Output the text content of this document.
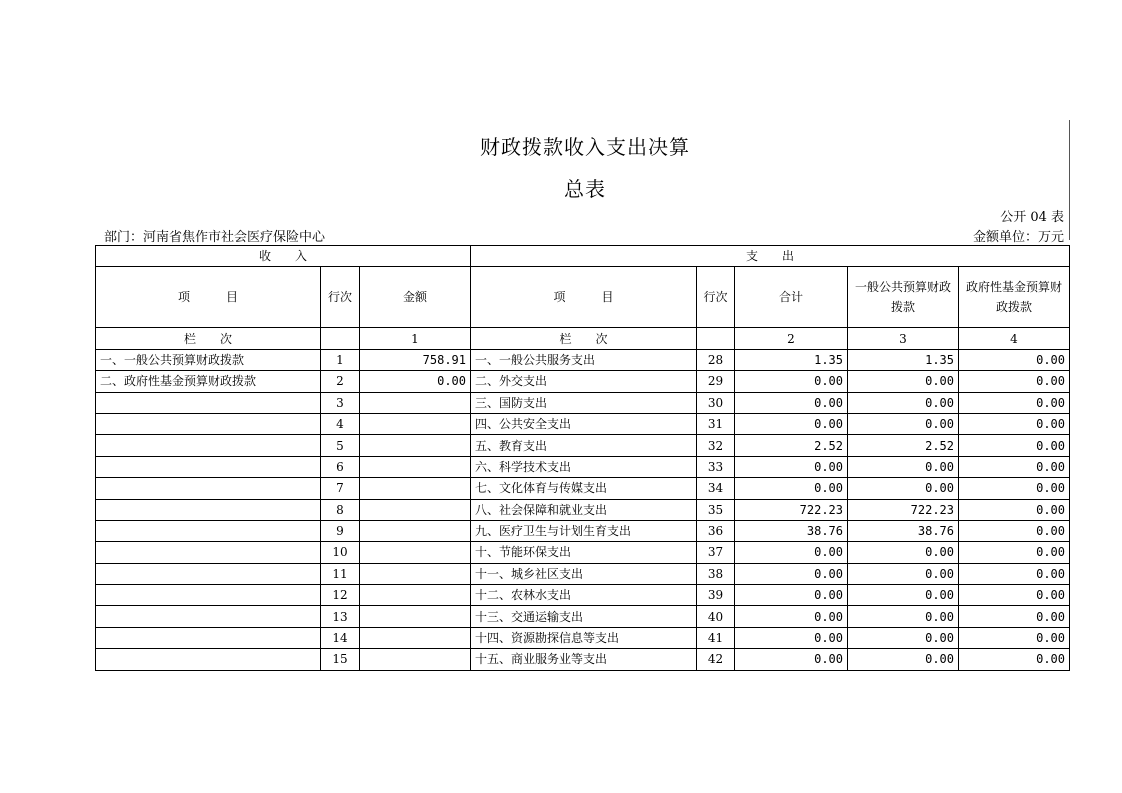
财政拨款收入支出决算
总表
公开 04 表
部门：河南省焦作市社会医疗保险中心	金额单位：万元
收　　入			支　　出				
项　　　目	行次	金额	项　　　目	行次	合计	一般公共预算财政拨款	政府性基金预算财政拨款
栏　　次		1	栏　　次		2	3	4
一、一般公共预算财政拨款	1	758.91	一、一般公共服务支出	28	1.35	1.35	0.00
二、政府性基金预算财政拨款	2	0.00	二、外交支出	29	0.00	0.00	0.00
	3		三、国防支出	30	0.00	0.00	0.00
	4		四、公共安全支出	31	0.00	0.00	0.00
	5		五、教育支出	32	2.52	2.52	0.00
	6		六、科学技术支出	33	0.00	0.00	0.00
	7		七、文化体育与传媒支出	34	0.00	0.00	0.00
	8		八、社会保障和就业支出	35	722.23	722.23	0.00
	9		九、医疗卫生与计划生育支出	36	38.76	38.76	0.00
	10		十、节能环保支出	37	0.00	0.00	0.00
	11		十一、城乡社区支出	38	0.00	0.00	0.00
	12		十二、农林水支出	39	0.00	0.00	0.00
	13		十三、交通运输支出	40	0.00	0.00	0.00
	14		十四、资源勘探信息等支出	41	0.00	0.00	0.00
	15		十五、商业服务业等支出	42	0.00	0.00	0.00
